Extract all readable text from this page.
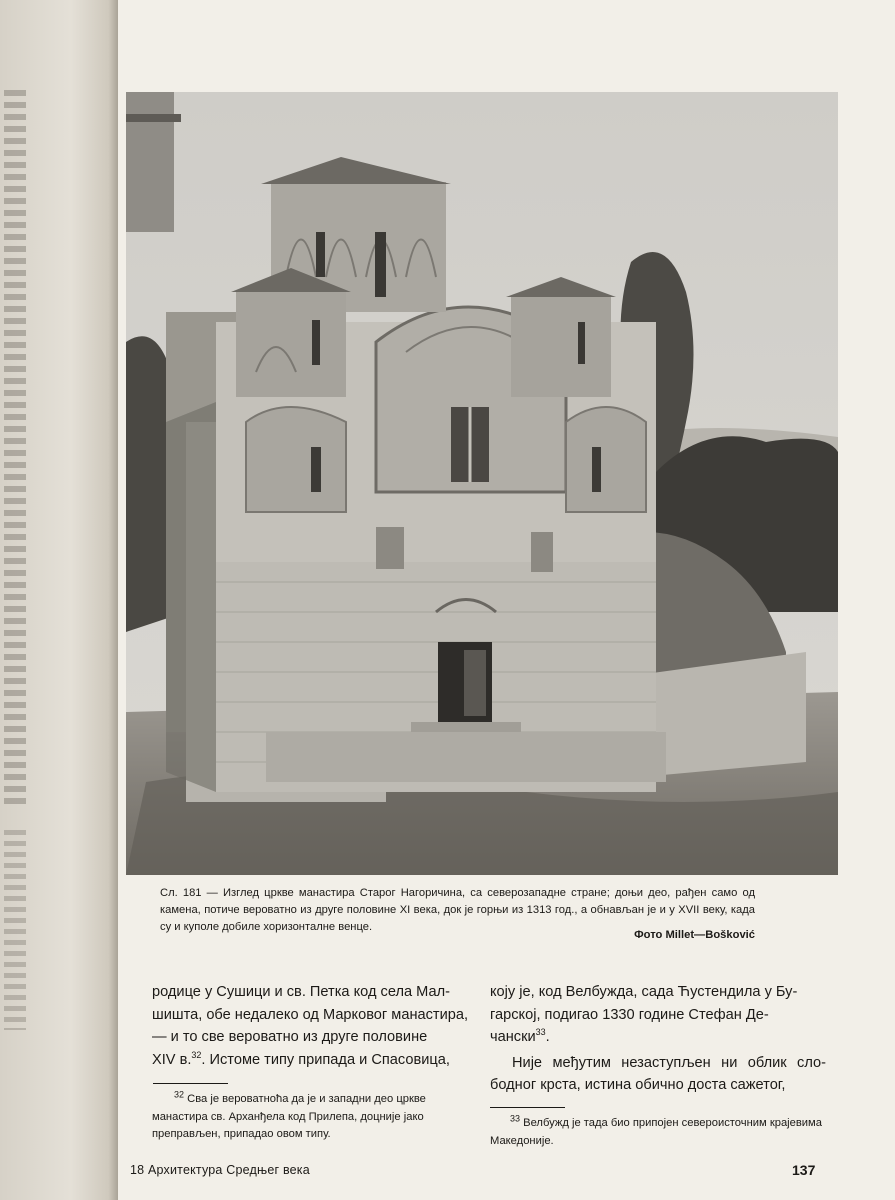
Сл. 181 — Изглед цркве манастира Старог Нагоричина, са северозападне стране; доњи део, рађен само од камена, потиче вероватно из друге половине XI века, док је горњи из 1313 год., а обнављан је и у XVII веку, када су и куполе добиле хоризонталне венце.
Фото Millet—Bošković

родице у Сушици и св. Петка код села Мал-

шишта, обе недалеко од Марковог манастира,

— и то све вероватно из друге половине

XIV в.$^{32}$. Истоме типу припада и Спасовица,

коју је, код Велбужда, сада Ћустендила у Бу-

гарској, подигао 1330 године Стефан Де-

чански$^{33}$.

Није међутим незаступљен ни облик сло-бодног крста, истина обично доста сажетог,

$^{32}$ Сва је вероватноћа да је и западни део цркве манастира св. Арханђела код Прилепа, доцније јако преправљен, припадао овом типу.
$^{33}$ Велбужд је тада био припојен североисточним крајевима Македоније.
18 Архитектура Средњег века	137
